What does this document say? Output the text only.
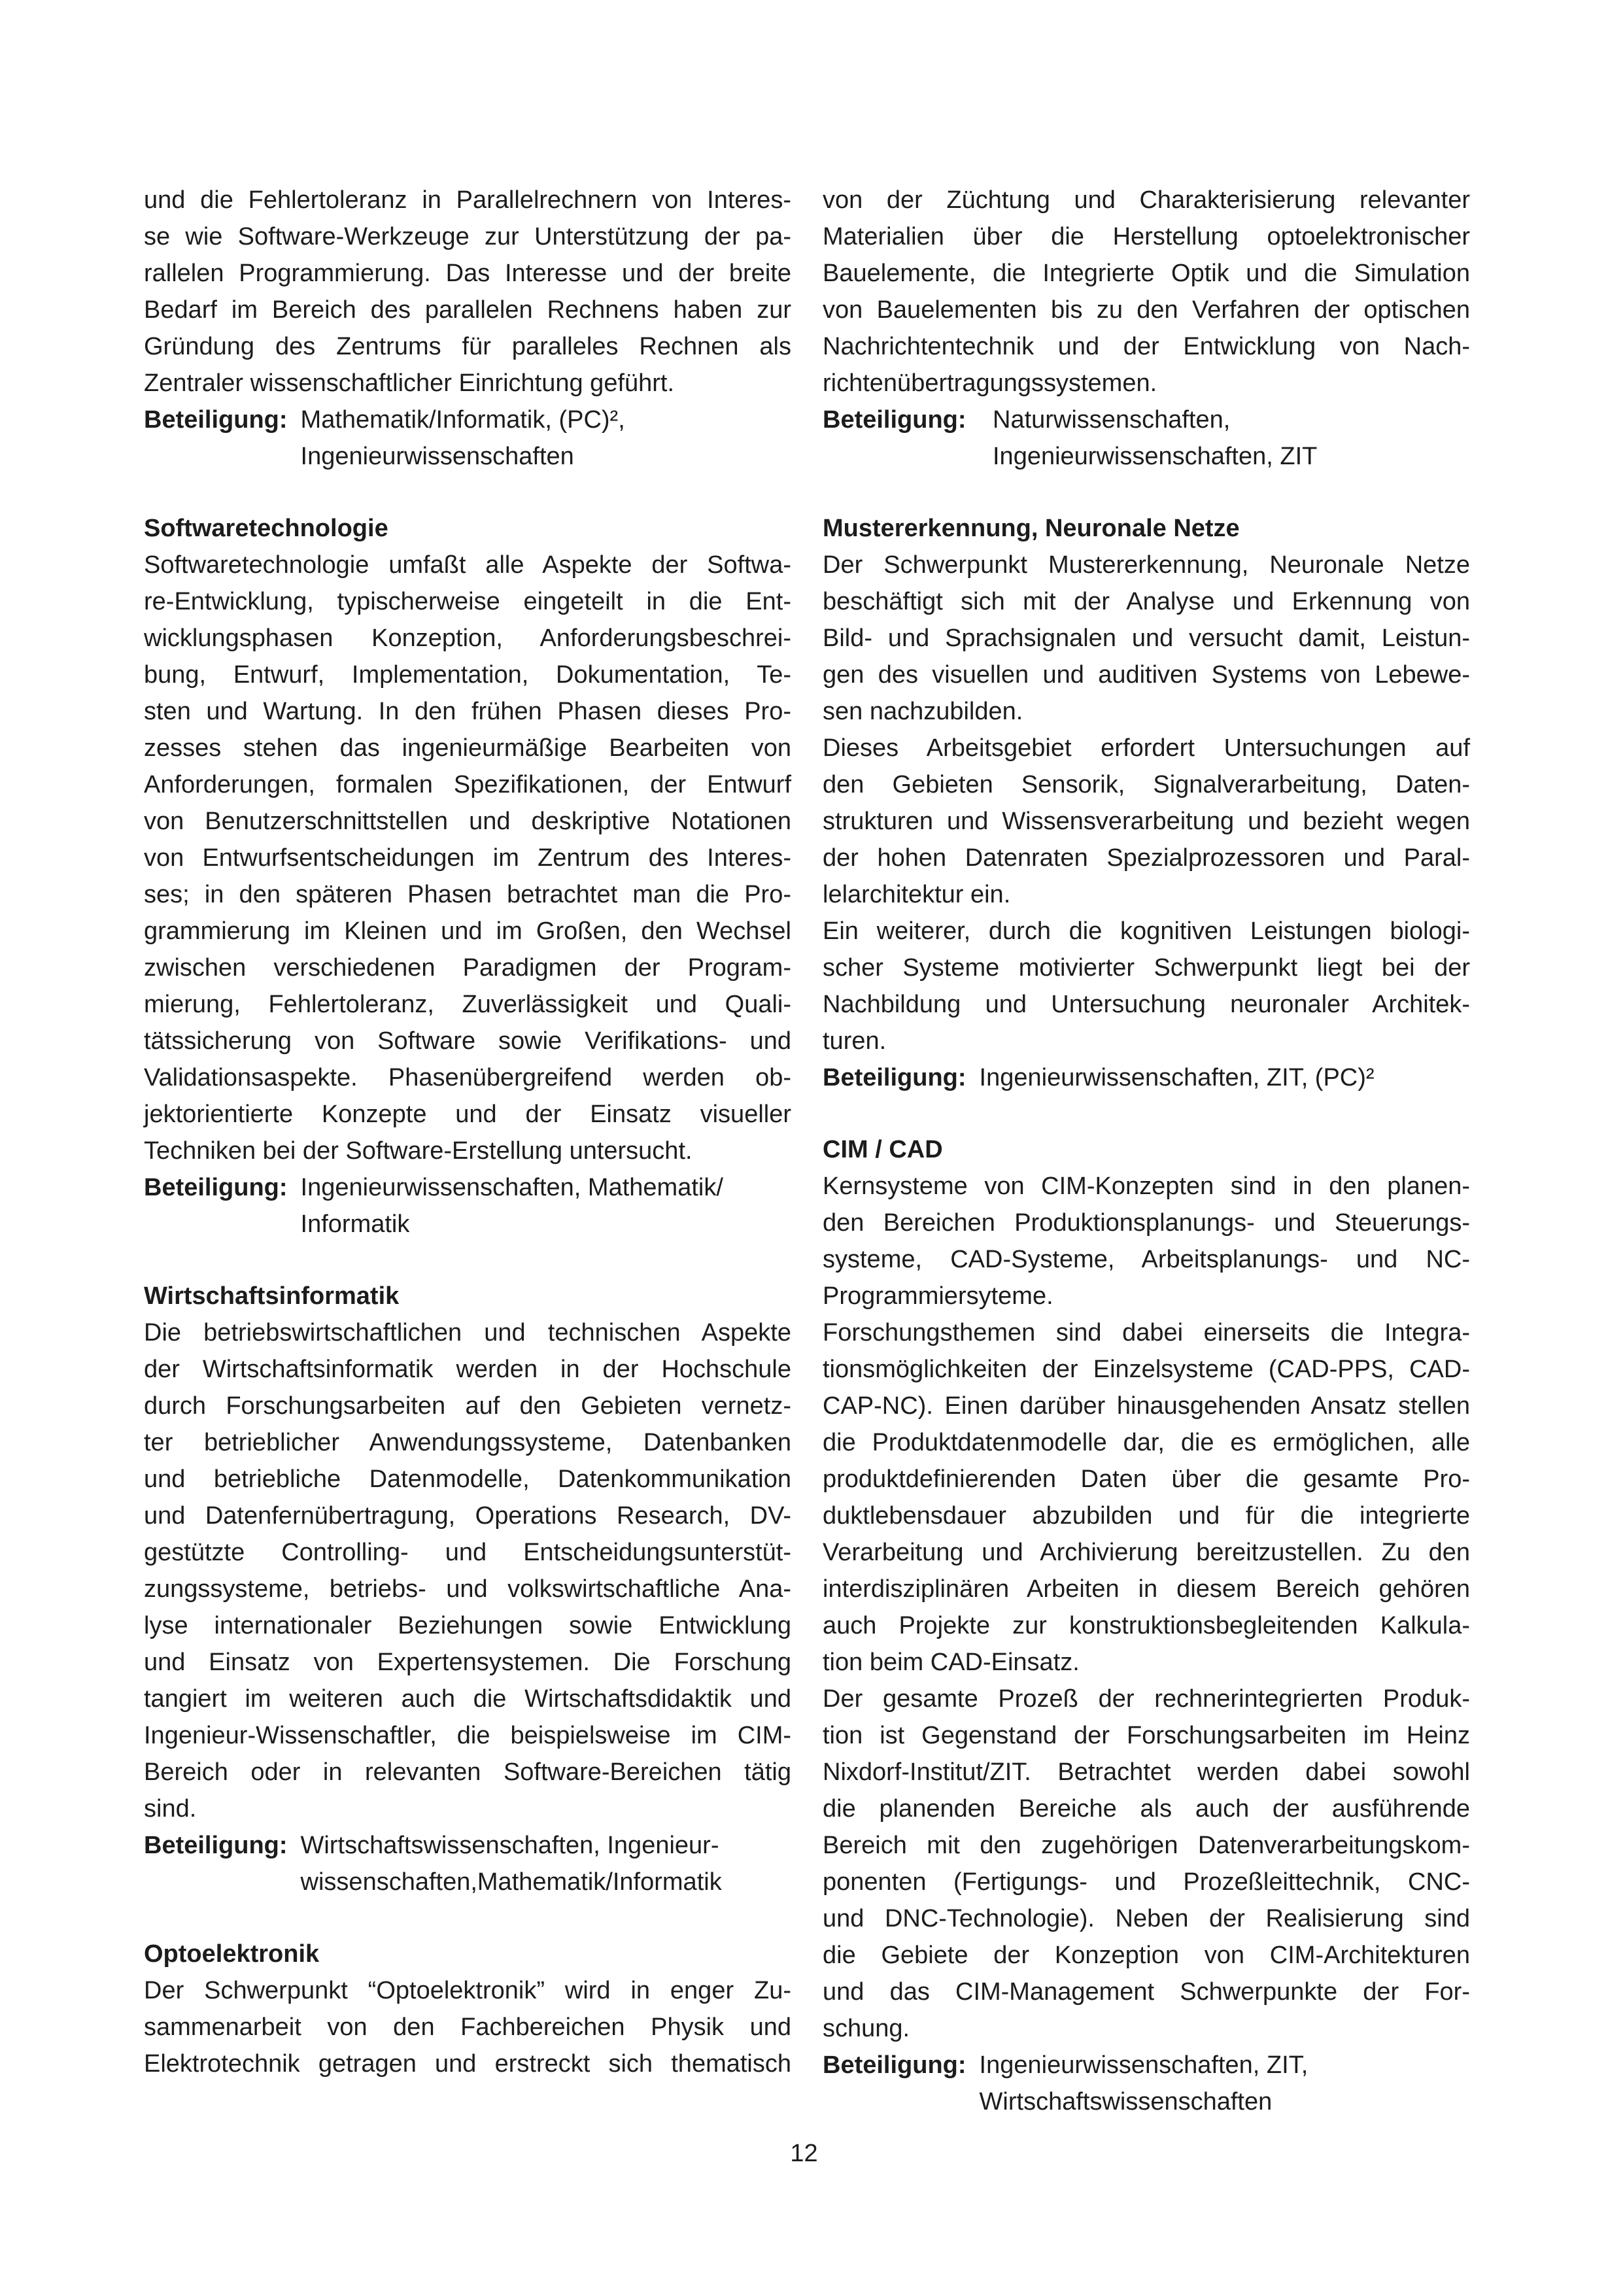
und die Fehlertoleranz in Parallelrechnern von Interes-
se wie Software-Werkzeuge zur Unterstützung der pa-
rallelen Programmierung. Das Interesse und der breite
Bedarf im Bereich des parallelen Rechnens haben zur
Gründung des Zentrums für paralleles Rechnen als
Zentraler wissenschaftlicher Einrichtung geführt.
Beteiligung: Mathematik/Informatik, (PC)²,
Ingenieurwissenschaften
Softwaretechnologie
Softwaretechnologie umfaßt alle Aspekte der Softwa-
re-Entwicklung, typischerweise eingeteilt in die Ent-
wicklungsphasen Konzeption, Anforderungsbeschrei-
bung, Entwurf, Implementation, Dokumentation, Te-
sten und Wartung. In den frühen Phasen dieses Pro-
zesses stehen das ingenieurmäßige Bearbeiten von
Anforderungen, formalen Spezifikationen, der Entwurf
von Benutzerschnittstellen und deskriptive Notationen
von Entwurfsentscheidungen im Zentrum des Interes-
ses; in den späteren Phasen betrachtet man die Pro-
grammierung im Kleinen und im Großen, den Wechsel
zwischen verschiedenen Paradigmen der Program-
mierung, Fehlertoleranz, Zuverlässigkeit und Quali-
tätssicherung von Software sowie Verifikations- und
Validationsaspekte. Phasenübergreifend werden ob-
jektorientierte Konzepte und der Einsatz visueller
Techniken bei der Software-Erstellung untersucht.
Beteiligung: Ingenieurwissenschaften, Mathematik/
Informatik
Wirtschaftsinformatik
Die betriebswirtschaftlichen und technischen Aspekte
der Wirtschaftsinformatik werden in der Hochschule
durch Forschungsarbeiten auf den Gebieten vernetz-
ter betrieblicher Anwendungssysteme, Datenbanken
und betriebliche Datenmodelle, Datenkommunikation
und Datenfernübertragung, Operations Research, DV-
gestützte Controlling- und Entscheidungsunterstüt-
zungssysteme, betriebs- und volkswirtschaftliche Ana-
lyse internationaler Beziehungen sowie Entwicklung
und Einsatz von Expertensystemen. Die Forschung
tangiert im weiteren auch die Wirtschaftsdidaktik und
Ingenieur-Wissenschaftler, die beispielsweise im CIM-
Bereich oder in relevanten Software-Bereichen tätig
sind.
Beteiligung: Wirtschaftswissenschaften, Ingenieur-
wissenschaften,Mathematik/Informatik
Optoelektronik
Der Schwerpunkt “Optoelektronik” wird in enger Zu-
sammenarbeit von den Fachbereichen Physik und
Elektrotechnik getragen und erstreckt sich thematisch
von der Züchtung und Charakterisierung relevanter
Materialien über die Herstellung optoelektronischer
Bauelemente, die Integrierte Optik und die Simulation
von Bauelementen bis zu den Verfahren der optischen
Nachrichtentechnik und der Entwicklung von Nach-
richtenübertragungssystemen.
Beteiligung:	Naturwissenschaften,
Ingenieurwissenschaften, ZIT
Mustererkennung, Neuronale Netze
Der Schwerpunkt Mustererkennung, Neuronale Netze
beschäftigt sich mit der Analyse und Erkennung von
Bild- und Sprachsignalen und versucht damit, Leistun-
gen des visuellen und auditiven Systems von Lebewe-
sen nachzubilden.
Dieses Arbeitsgebiet erfordert Untersuchungen auf
den Gebieten Sensorik, Signalverarbeitung, Daten-
strukturen und Wissensverarbeitung und bezieht wegen
der hohen Datenraten Spezialprozessoren und Paral-
lelarchitektur ein.
Ein weiterer, durch die kognitiven Leistungen biologi-
scher Systeme motivierter Schwerpunkt liegt bei der
Nachbildung und Untersuchung neuronaler Architek-
turen.
Beteiligung: Ingenieurwissenschaften, ZIT, (PC)²
CIM / CAD
Kernsysteme von CIM-Konzepten sind in den planen-
den Bereichen Produktionsplanungs- und Steuerungs-
systeme, CAD-Systeme, Arbeitsplanungs- und NC-
Programmiersyteme.
Forschungsthemen sind dabei einerseits die Integra-
tionsmöglichkeiten der Einzelsysteme (CAD-PPS, CAD-
CAP-NC). Einen darüber hinausgehenden Ansatz stellen
die Produktdatenmodelle dar, die es ermöglichen, alle
produktdefinierenden Daten über die gesamte Pro-
duktlebensdauer abzubilden und für die integrierte
Verarbeitung und Archivierung bereitzustellen. Zu den
interdisziplinären Arbeiten in diesem Bereich gehören
auch Projekte zur konstruktionsbegleitenden Kalkula-
tion beim CAD-Einsatz.
Der gesamte Prozeß der rechnerintegrierten Produk-
tion ist Gegenstand der Forschungsarbeiten im Heinz
Nixdorf-Institut/ZIT. Betrachtet werden dabei sowohl
die planenden Bereiche als auch der ausführende
Bereich mit den zugehörigen Datenverarbeitungskom-
ponenten (Fertigungs- und Prozeßleittechnik, CNC-
und DNC-Technologie). Neben der Realisierung sind
die Gebiete der Konzeption von CIM-Architekturen
und das CIM-Management Schwerpunkte der For-
schung.
Beteiligung: Ingenieurwissenschaften, ZIT,
Wirtschaftswissenschaften
12
